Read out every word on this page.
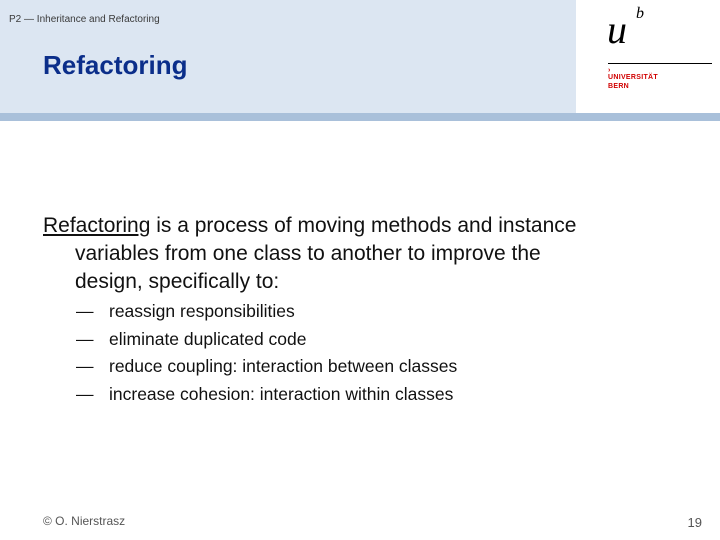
P2 — Inheritance and Refactoring
Refactoring
u b
›
UNIVERSITÄT
BERN
Refactoring is a process of moving methods and instance
variables from one class to another to improve the
design, specifically to:
— reassign responsibilities
— eliminate duplicated code
— reduce coupling: interaction between classes
— increase cohesion: interaction within classes
© O. Nierstrasz	19
